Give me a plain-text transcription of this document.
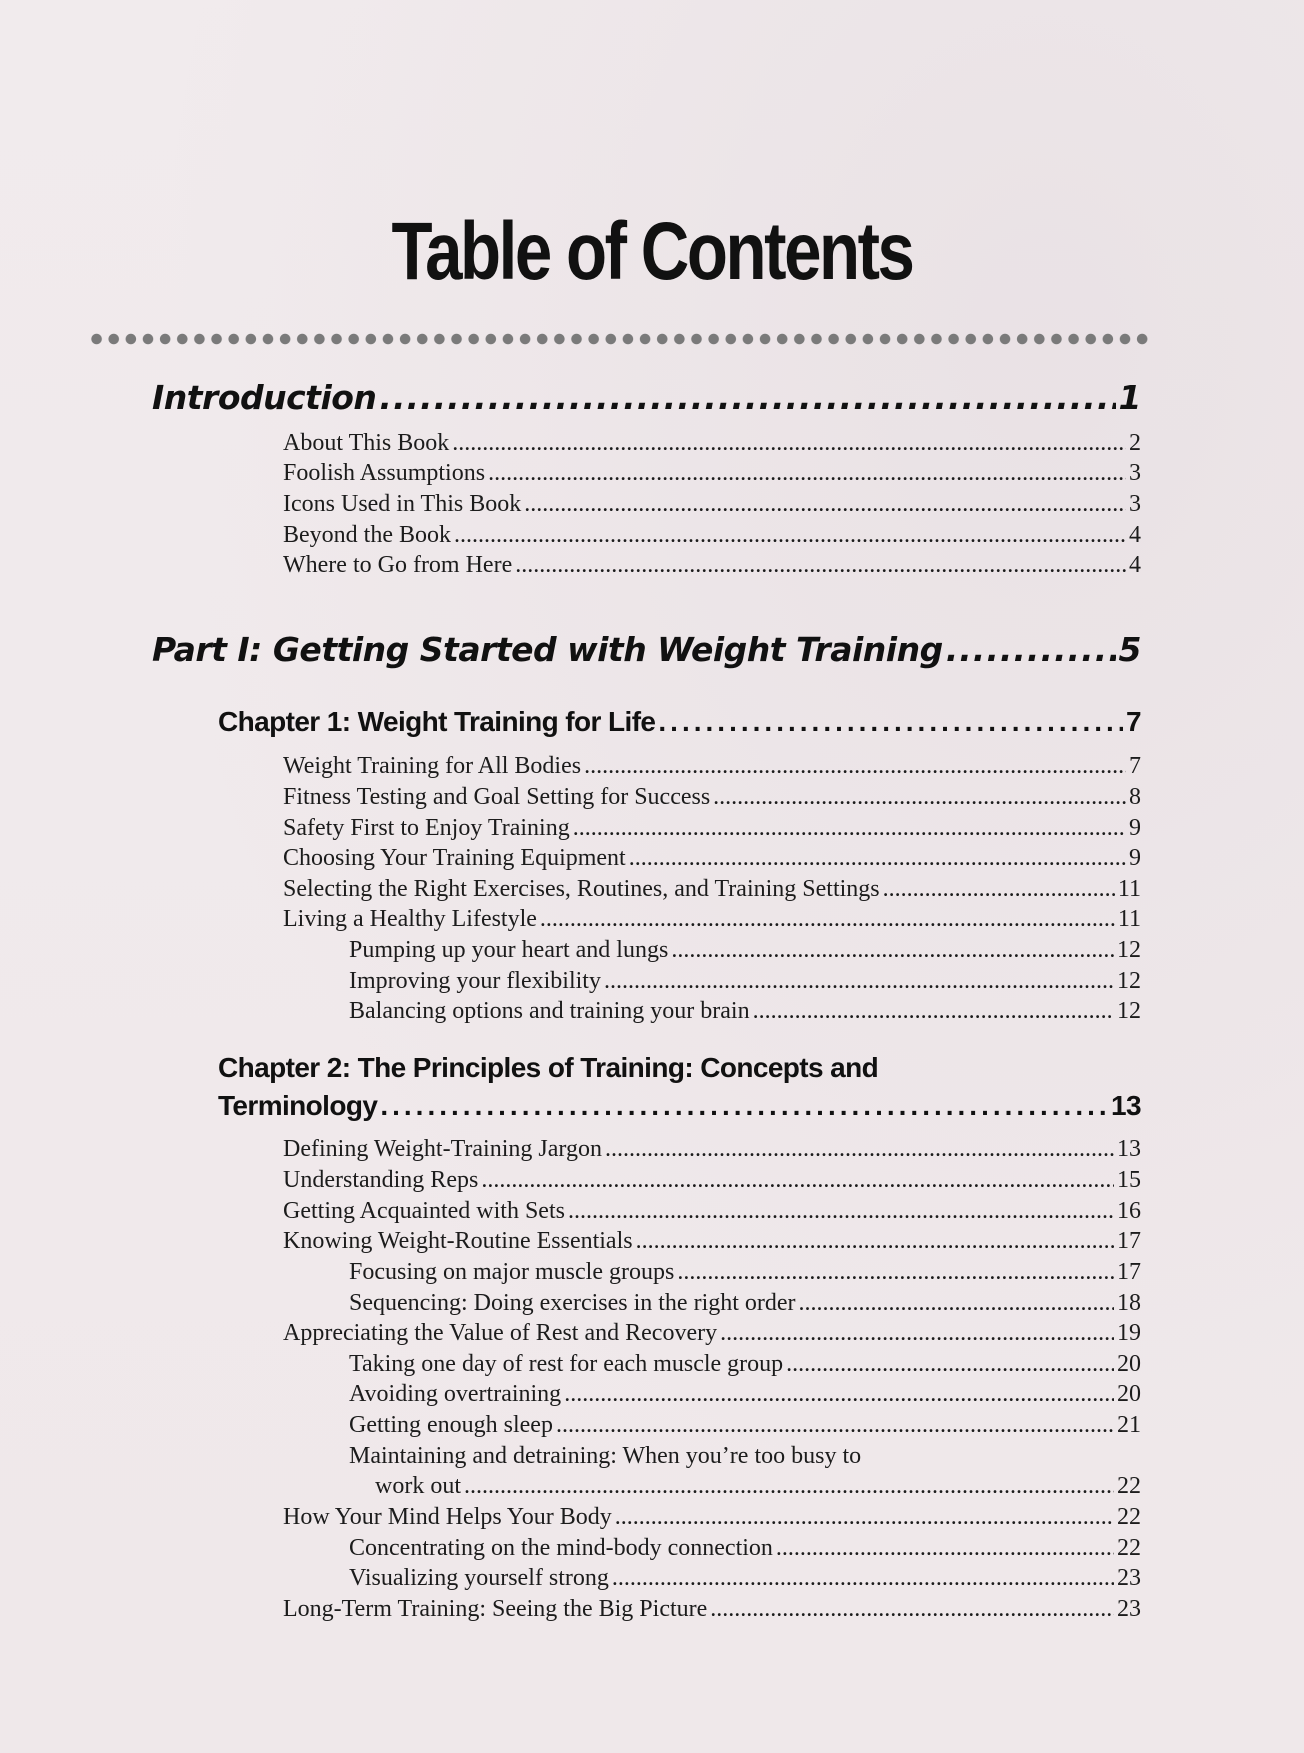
Table of Contents
Introduction .....	1
About This Book .....	2
Foolish Assumptions .....	3
Icons Used in This Book .....	3
Beyond the Book .....	4
Where to Go from Here .....	4
Part I: Getting Started with Weight Training .....	5
Chapter 1: Weight Training for Life .....	7
Weight Training for All Bodies .....	7
Fitness Testing and Goal Setting for Success .....	8
Safety First to Enjoy Training .....	9
Choosing Your Training Equipment .....	9
Selecting the Right Exercises, Routines, and Training Settings .....	11
Living a Healthy Lifestyle .....	11
Pumping up your heart and lungs .....	12
Improving your flexibility .....	12
Balancing options and training your brain .....	12
Chapter 2: The Principles of Training: Concepts and
Terminology .....	13
Defining Weight-Training Jargon .....	13
Understanding Reps .....	15
Getting Acquainted with Sets .....	16
Knowing Weight-Routine Essentials .....	17
Focusing on major muscle groups .....	17
Sequencing: Doing exercises in the right order .....	18
Appreciating the Value of Rest and Recovery .....	19
Taking one day of rest for each muscle group .....	20
Avoiding overtraining .....	20
Getting enough sleep .....	21
Maintaining and detraining: When you’re too busy to
work out .....	22
How Your Mind Helps Your Body .....	22
Concentrating on the mind-body connection .....	22
Visualizing yourself strong .....	23
Long-Term Training: Seeing the Big Picture .....	23
